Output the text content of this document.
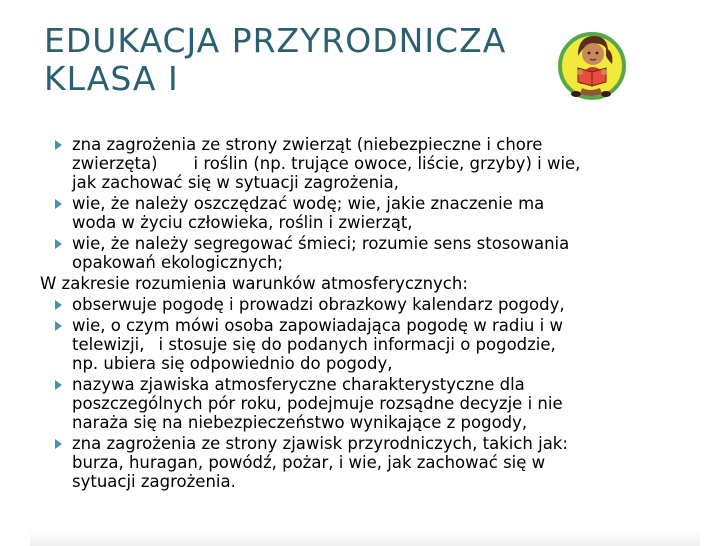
EDUKACJA PRZYRODNICZA
KLASA I
zna zagrożenia ze strony zwierząt (niebezpieczne i chore
zwierzęta) i roślin (np. trujące owoce, liście, grzyby) i wie,
jak zachować się w sytuacji zagrożenia,
wie, że należy oszczędzać wodę; wie, jakie znaczenie ma
woda w życiu człowieka, roślin i zwierząt,
wie, że należy segregować śmieci; rozumie sens stosowania
opakowań ekologicznych;
W zakresie rozumienia warunków atmosferycznych:
obserwuje pogodę i prowadzi obrazkowy kalendarz pogody,
wie, o czym mówi osoba zapowiadająca pogodę w radiu i w
telewizji, i stosuje się do podanych informacji o pogodzie,
np. ubiera się odpowiednio do pogody,
nazywa zjawiska atmosferyczne charakterystyczne dla
poszczególnych pór roku, podejmuje rozsądne decyzje i nie
naraża się na niebezpieczeństwo wynikające z pogody,
zna zagrożenia ze strony zjawisk przyrodniczych, takich jak:
burza, huragan, powódź, pożar, i wie, jak zachować się w
sytuacji zagrożenia.
